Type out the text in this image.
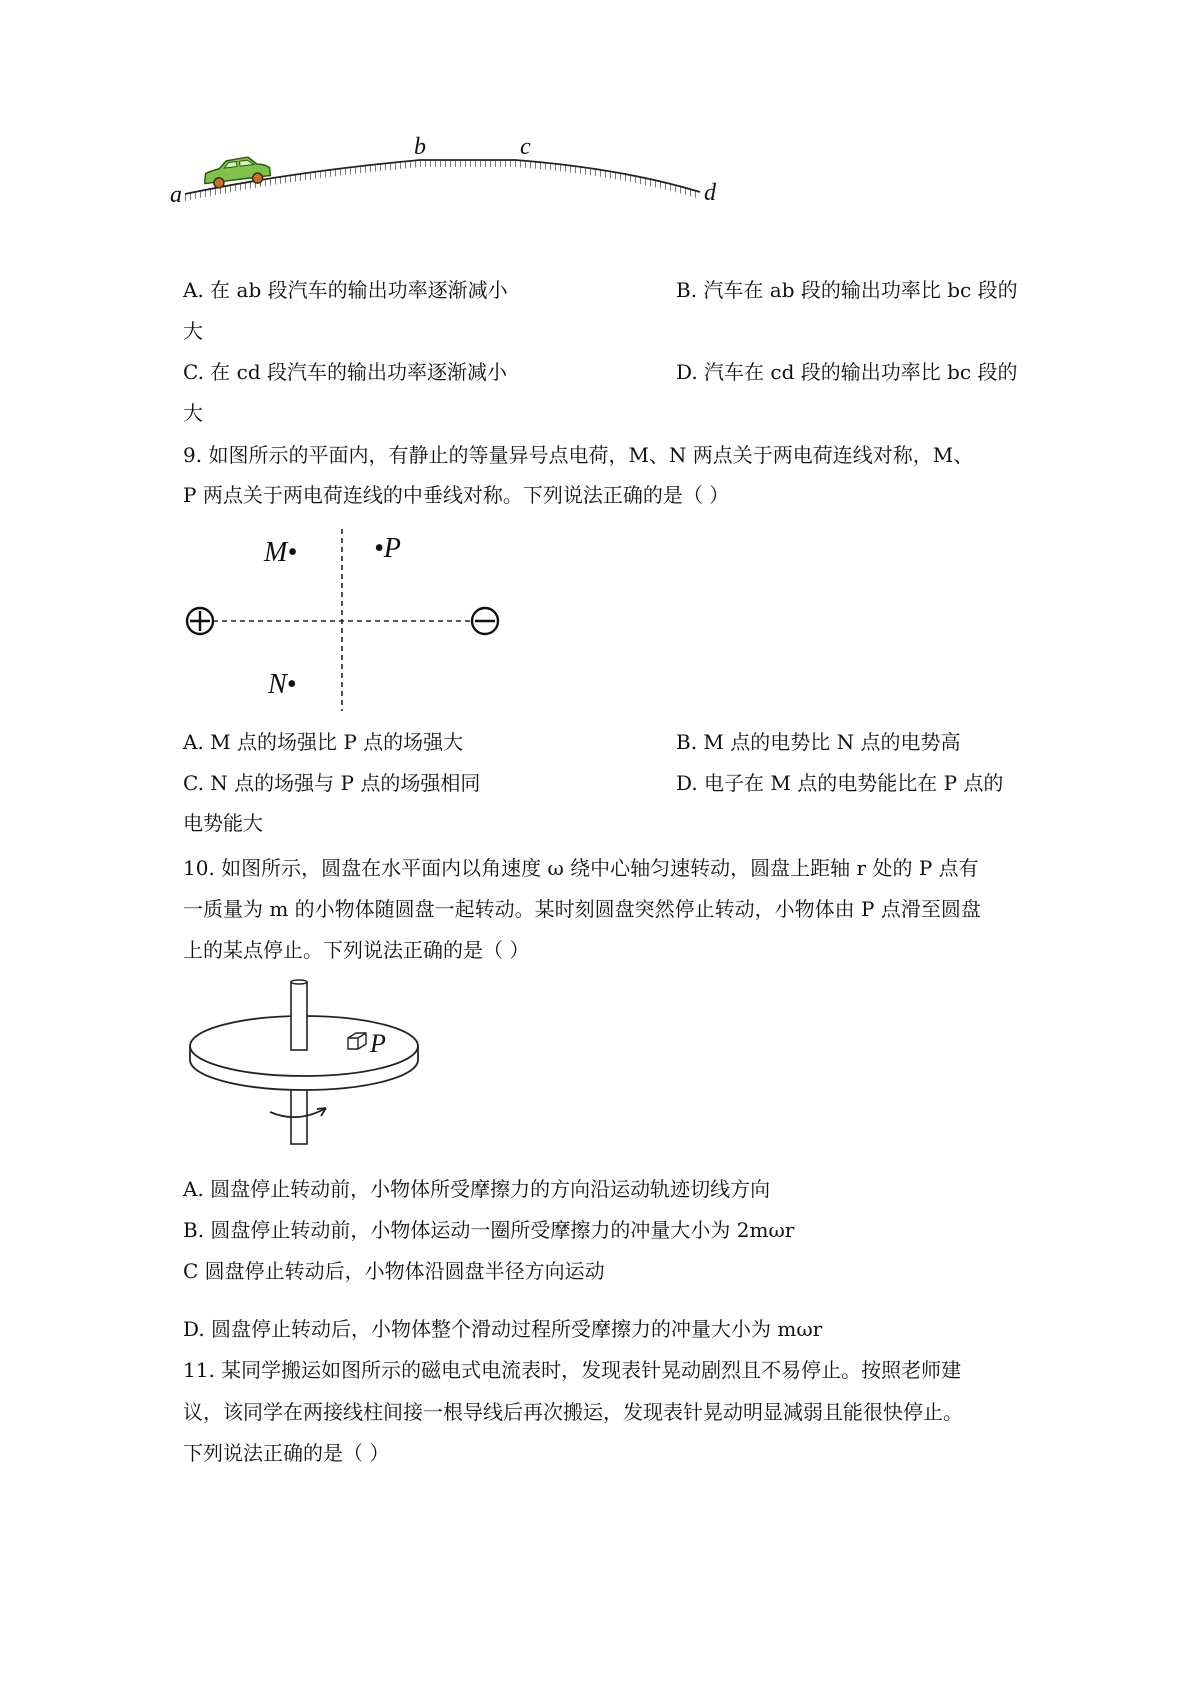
a
b	c
d
A. 在 ab 段汽车的输出功率逐渐减小	B. 汽车在 ab 段的输出功率比 bc 段的
大
C. 在 cd 段汽车的输出功率逐渐减小	D. 汽车在 cd 段的输出功率比 bc 段的
大
9. 如图所示的平面内，有静止的等量异号点电荷，M、N 两点关于两电荷连线对称，M、
P 两点关于两电荷连线的中垂线对称。下列说法正确的是（ ）
M•	•P
N•
A. M 点的场强比 P 点的场强大	B. M 点的电势比 N 点的电势高
C. N 点的场强与 P 点的场强相同	D. 电子在 M 点的电势能比在 P 点的
电势能大
10. 如图所示，圆盘在水平面内以角速度 ω 绕中心轴匀速转动，圆盘上距轴 r 处的 P 点有
一质量为 m 的小物体随圆盘一起转动。某时刻圆盘突然停止转动，小物体由 P 点滑至圆盘
上的某点停止。下列说法正确的是（ ）
P
A. 圆盘停止转动前，小物体所受摩擦力的方向沿运动轨迹切线方向
B. 圆盘停止转动前，小物体运动一圈所受摩擦力的冲量大小为 2mωr
C 圆盘停止转动后，小物体沿圆盘半径方向运动
D. 圆盘停止转动后，小物体整个滑动过程所受摩擦力的冲量大小为 mωr
11. 某同学搬运如图所示的磁电式电流表时，发现表针晃动剧烈且不易停止。按照老师建
议，该同学在两接线柱间接一根导线后再次搬运，发现表针晃动明显减弱且能很快停止。
下列说法正确的是（ ）
